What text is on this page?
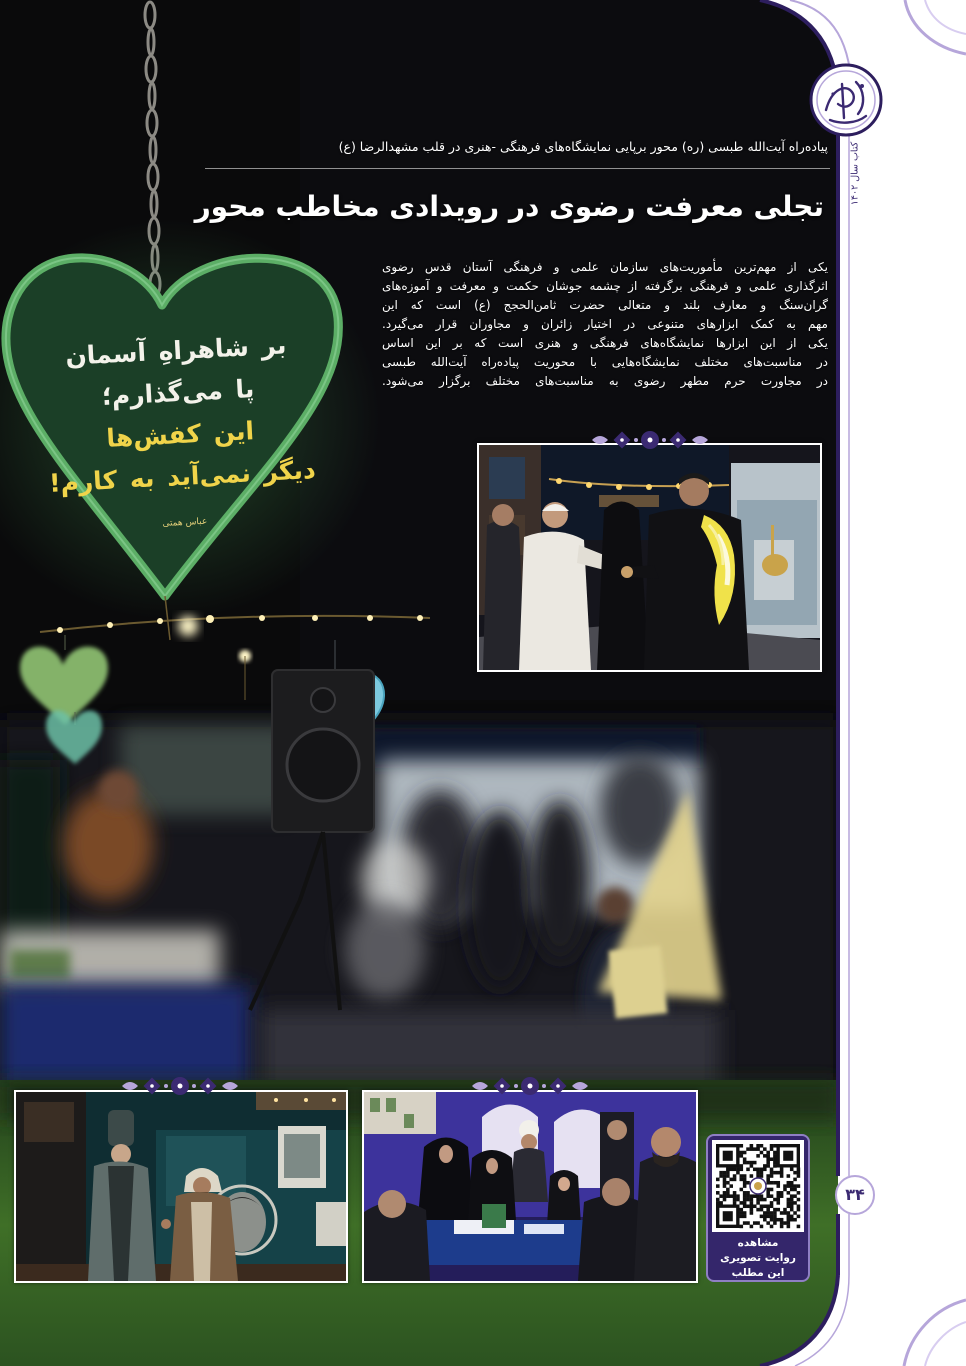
بر شاهراهِ آسمان
پا می‌گذارم؛
این کفش‌ها
دیگر نمی‌آید به کارم!
عباس همتی
پیاده‌راه آیت‌الله طبسی (ره) محور برپایی نمایشگاه‌های فرهنگی -هنری در قلب مشهدالرضا (ع)
تجلی معرفت رضوی در رویدادی مخاطب محور
یکی از مهم‌ترین مأموریت‌های سازمان علمی و فرهنگی آستان قدس رضوی
اثرگذاری علمی و فرهنگی برگرفته از چشمه جوشان حکمت و معرفت و آموزه‌های
گران‌سنگ و معارف بلند و متعالی حضرت ثامن‌الحجج (ع) است که این
مهم به کمک ابزارهای متنوعی در اختیار زائران و مجاوران قرار می‌گیرد.
یکی از این ابزارها نمایشگاه‌های فرهنگی و هنری است که بر این اساس
در مناسبت‌های مختلف نمایشگاه‌هایی با محوریت پیاده‌راه آیت‌الله طبسی
در مجاورت حرم مطهر رضوی به مناسبت‌های مختلف برگزار می‌شود.
مشاهده
روایت تصویری
این مطلب
کتاب سال ۱۴۰۲
۳۴
